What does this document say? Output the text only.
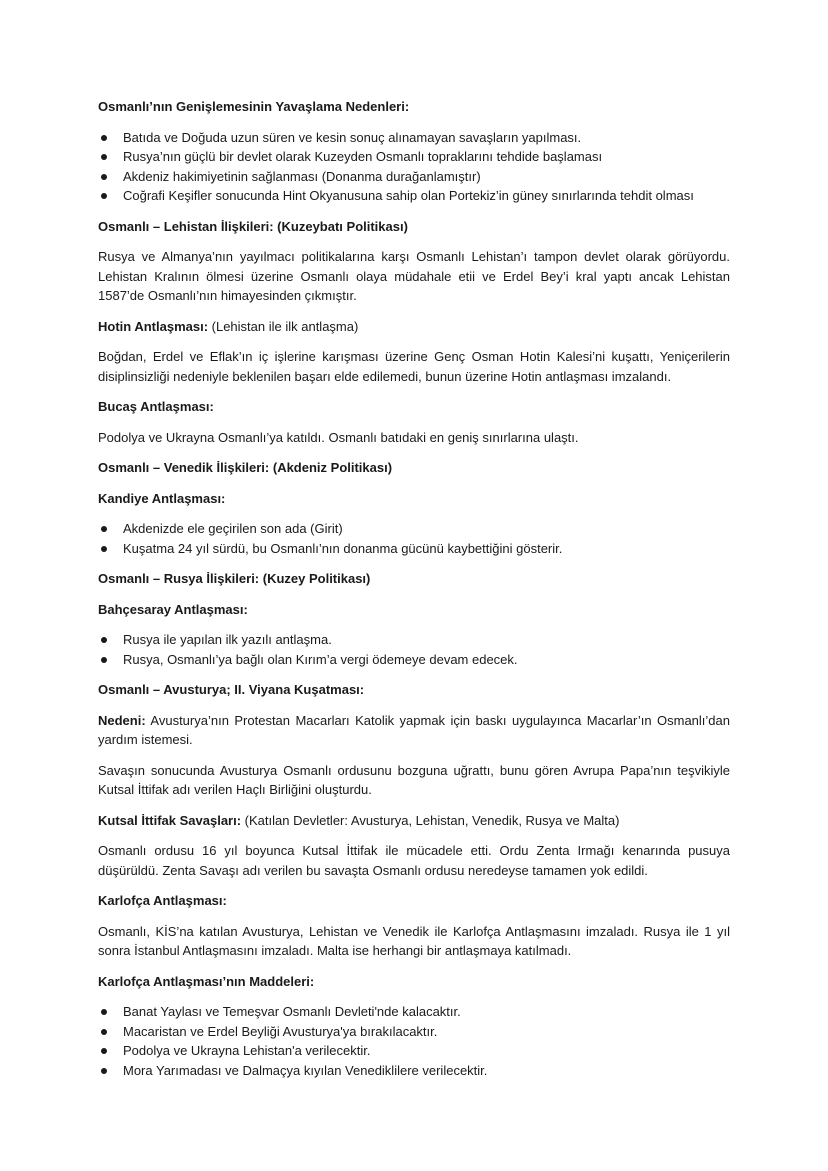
Osmanlı’nın Genişlemesinin Yavaşlama Nedenleri:
Batıda ve Doğuda uzun süren ve kesin sonuç alınamayan savaşların yapılması.
Rusya’nın güçlü bir devlet olarak Kuzeyden Osmanlı topraklarını tehdide başlaması
Akdeniz hakimiyetinin sağlanması (Donanma durağanlamıştır)
Coğrafi Keşifler sonucunda Hint Okyanusuna sahip olan Portekiz’in güney sınırlarında tehdit olması
Osmanlı – Lehistan İlişkileri: (Kuzeybatı Politikası)

Rusya ve Almanya’nın yayılmacı politikalarına karşı Osmanlı Lehistan’ı tampon devlet olarak görüyordu. Lehistan Kralının ölmesi üzerine Osmanlı olaya müdahale etii ve Erdel Bey’i kral yaptı ancak Lehistan 1587’de Osmanlı’nın himayesinden çıkmıştır.

Hotin Antlaşması: (Lehistan ile ilk antlaşma)

Boğdan, Erdel ve Eflak’ın iç işlerine karışması üzerine Genç Osman Hotin Kalesi’ni kuşattı, Yeniçerilerin disiplinsizliği nedeniyle beklenilen başarı elde edilemedi, bunun üzerine Hotin antlaşması imzalandı.

Bucaş Antlaşması:

Podolya ve Ukrayna Osmanlı’ya katıldı. Osmanlı batıdaki en geniş sınırlarına ulaştı.

Osmanlı – Venedik İlişkileri: (Akdeniz Politikası)
Kandiye Antlaşması:
Akdenizde ele geçirilen son ada (Girit)
Kuşatma 24 yıl sürdü, bu Osmanlı’nın donanma gücünü kaybettiğini gösterir.
Osmanlı – Rusya İlişkileri: (Kuzey Politikası)
Bahçesaray Antlaşması:
Rusya ile yapılan ilk yazılı antlaşma.
Rusya, Osmanlı’ya bağlı olan Kırım’a vergi ödemeye devam edecek.
Osmanlı – Avusturya; II. Viyana Kuşatması:

Nedeni: Avusturya’nın Protestan Macarları Katolik yapmak için baskı uygulayınca Macarlar’ın Osmanlı’dan yardım istemesi.

Savaşın sonucunda Avusturya Osmanlı ordusunu bozguna uğrattı, bunu gören Avrupa Papa’nın teşvikiyle Kutsal İttifak adı verilen Haçlı Birliğini oluşturdu.

Kutsal İttifak Savaşları: (Katılan Devletler: Avusturya, Lehistan, Venedik, Rusya ve Malta)

Osmanlı ordusu 16 yıl boyunca Kutsal İttifak ile mücadele etti. Ordu Zenta Irmağı kenarında pusuya düşürüldü. Zenta Savaşı adı verilen bu savaşta Osmanlı ordusu neredeyse tamamen yok edildi.

Karlofça Antlaşması:

Osmanlı, KİS’na katılan Avusturya, Lehistan ve Venedik ile Karlofça Antlaşmasını imzaladı. Rusya ile 1 yıl sonra İstanbul Antlaşmasını imzaladı. Malta ise herhangi bir antlaşmaya katılmadı.

Karlofça Antlaşması’nın Maddeleri:
Banat Yaylası ve Temeşvar Osmanlı Devleti'nde kalacaktır.
Macaristan ve Erdel Beyliği Avusturya'ya bırakılacaktır.
Podolya ve Ukrayna Lehistan'a verilecektir.
Mora Yarımadası ve Dalmaçya kıyılan Venediklilere verilecektir.
